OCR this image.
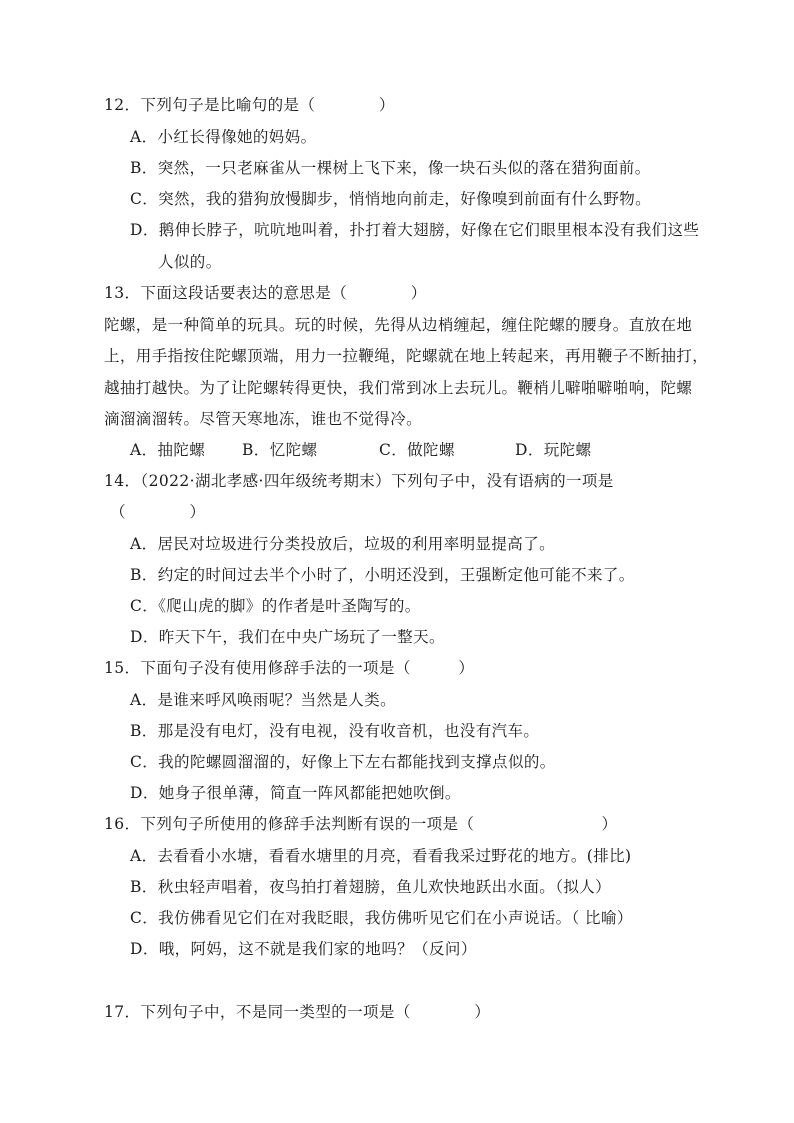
12．下列句子是比喻句的是（　　　　）
A．小红长得像她的妈妈。
B．突然，一只老麻雀从一棵树上飞下来，像一块石头似的落在猎狗面前。
C．突然，我的猎狗放慢脚步，悄悄地向前走，好像嗅到前面有什么野物。
D．鹅伸长脖子，吭吭地叫着，扑打着大翅膀，好像在它们眼里根本没有我们这些
人似的。
13．下面这段话要表达的意思是（　　　　）
陀螺，是一种简单的玩具。玩的时候，先得从边梢缠起，缠住陀螺的腰身。直放在地
上，用手指按住陀螺顶端，用力一拉鞭绳，陀螺就在地上转起来，再用鞭子不断抽打，
越抽打越快。为了让陀螺转得更快，我们常到冰上去玩儿。鞭梢儿噼啪噼啪响，陀螺
滴溜滴溜转。尽管天寒地冻，谁也不觉得冷。
A．抽陀螺 B．忆陀螺	C．做陀螺	D．玩陀螺
14．（2022·湖北孝感·四年级统考期末）下列句子中，没有语病的一项是
（　　　　）
A．居民对垃圾进行分类投放后，垃圾的利用率明显提高了。
B．约定的时间过去半个小时了，小明还没到，王强断定他可能不来了。
C．《爬山虎的脚》的作者是叶圣陶写的。
D．昨天下午，我们在中央广场玩了一整天。
15．下面句子没有使用修辞手法的一项是（　　　）
A．是谁来呼风唤雨呢？当然是人类。
B．那是没有电灯，没有电视，没有收音机，也没有汽车。
C．我的陀螺圆溜溜的，好像上下左右都能找到支撑点似的。
D．她身子很单薄，简直一阵风都能把她吹倒。
16．下列句子所使用的修辞手法判断有误的一项是（　　　　　　　　）
A．去看看小水塘，看看水塘里的月亮，看看我采过野花的地方。(排比)
B．秋虫轻声唱着，夜鸟拍打着翅膀，鱼儿欢快地跃出水面。（拟人）
C．我仿佛看见它们在对我眨眼，我仿佛听见它们在小声说话。（ 比喻）
D．哦，阿妈，这不就是我们家的地吗？（反问）
17．下列句子中，不是同一类型的一项是（　　　　）
